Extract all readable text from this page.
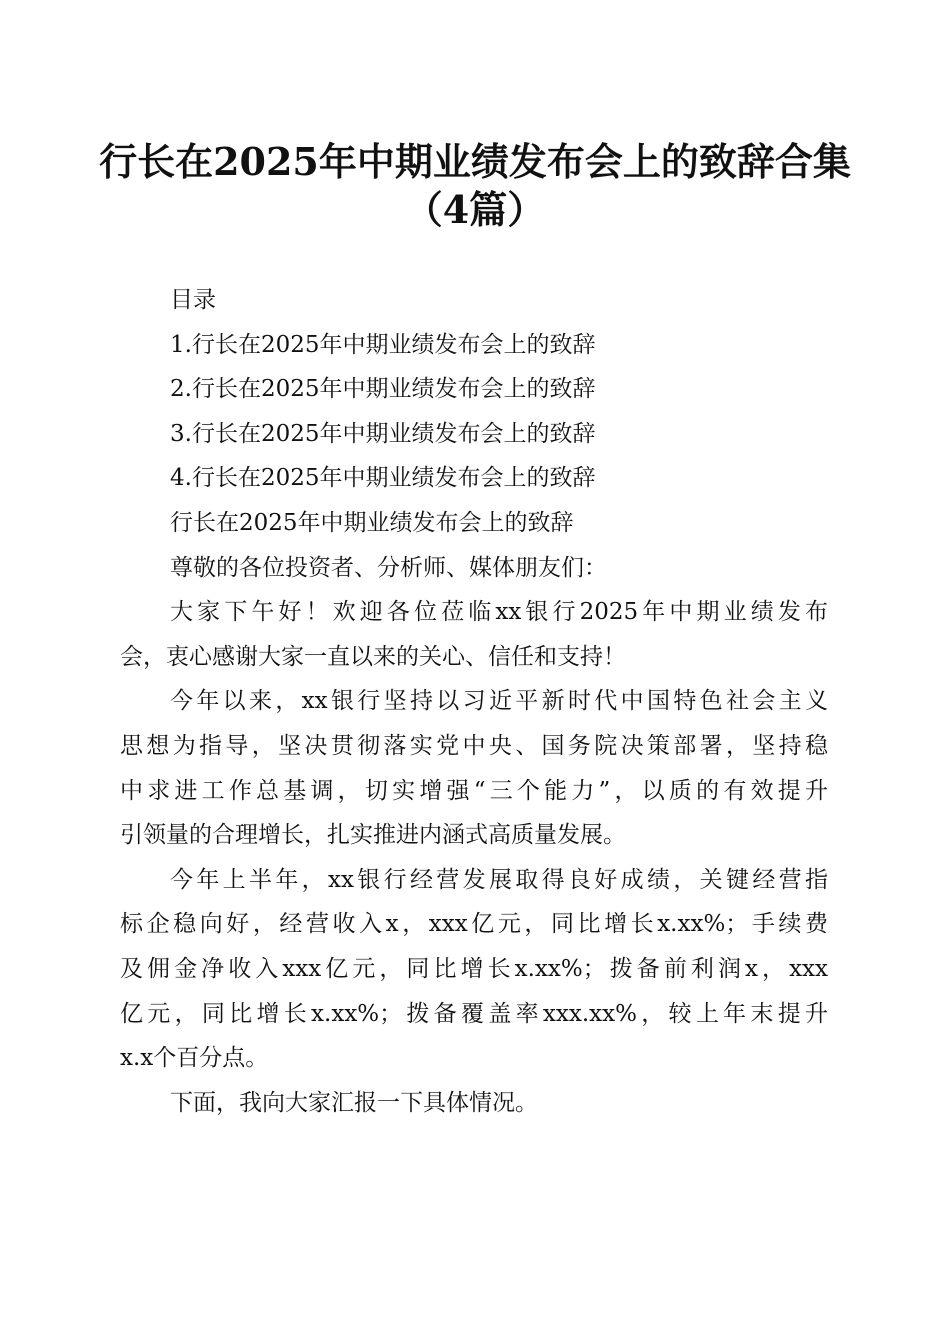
行长在2025年中期业绩发布会上的致辞合集
（4篇）
目录
1.行长在2025年中期业绩发布会上的致辞
2.行长在2025年中期业绩发布会上的致辞
3.行长在2025年中期业绩发布会上的致辞
4.行长在2025年中期业绩发布会上的致辞
行长在2025年中期业绩发布会上的致辞
尊敬的各位投资者、分析师、媒体朋友们：
大家下午好！欢迎各位莅临xx银行2025年中期业绩发布
会，衷心感谢大家一直以来的关心、信任和支持！
今年以来，xx银行坚持以习近平新时代中国特色社会主义
思想为指导，坚决贯彻落实党中央、国务院决策部署，坚持稳
中求进工作总基调，切实增强“三个能力”，以质的有效提升
引领量的合理增长，扎实推进内涵式高质量发展。
今年上半年，xx银行经营发展取得良好成绩，关键经营指
标企稳向好，经营收入x，xxx亿元，同比增长x.xx%；手续费
及佣金净收入xxx亿元，同比增长x.xx%；拨备前利润x，xxx
亿元，同比增长x.xx%；拨备覆盖率xxx.xx%，较上年末提升
x.x个百分点。
下面，我向大家汇报一下具体情况。
